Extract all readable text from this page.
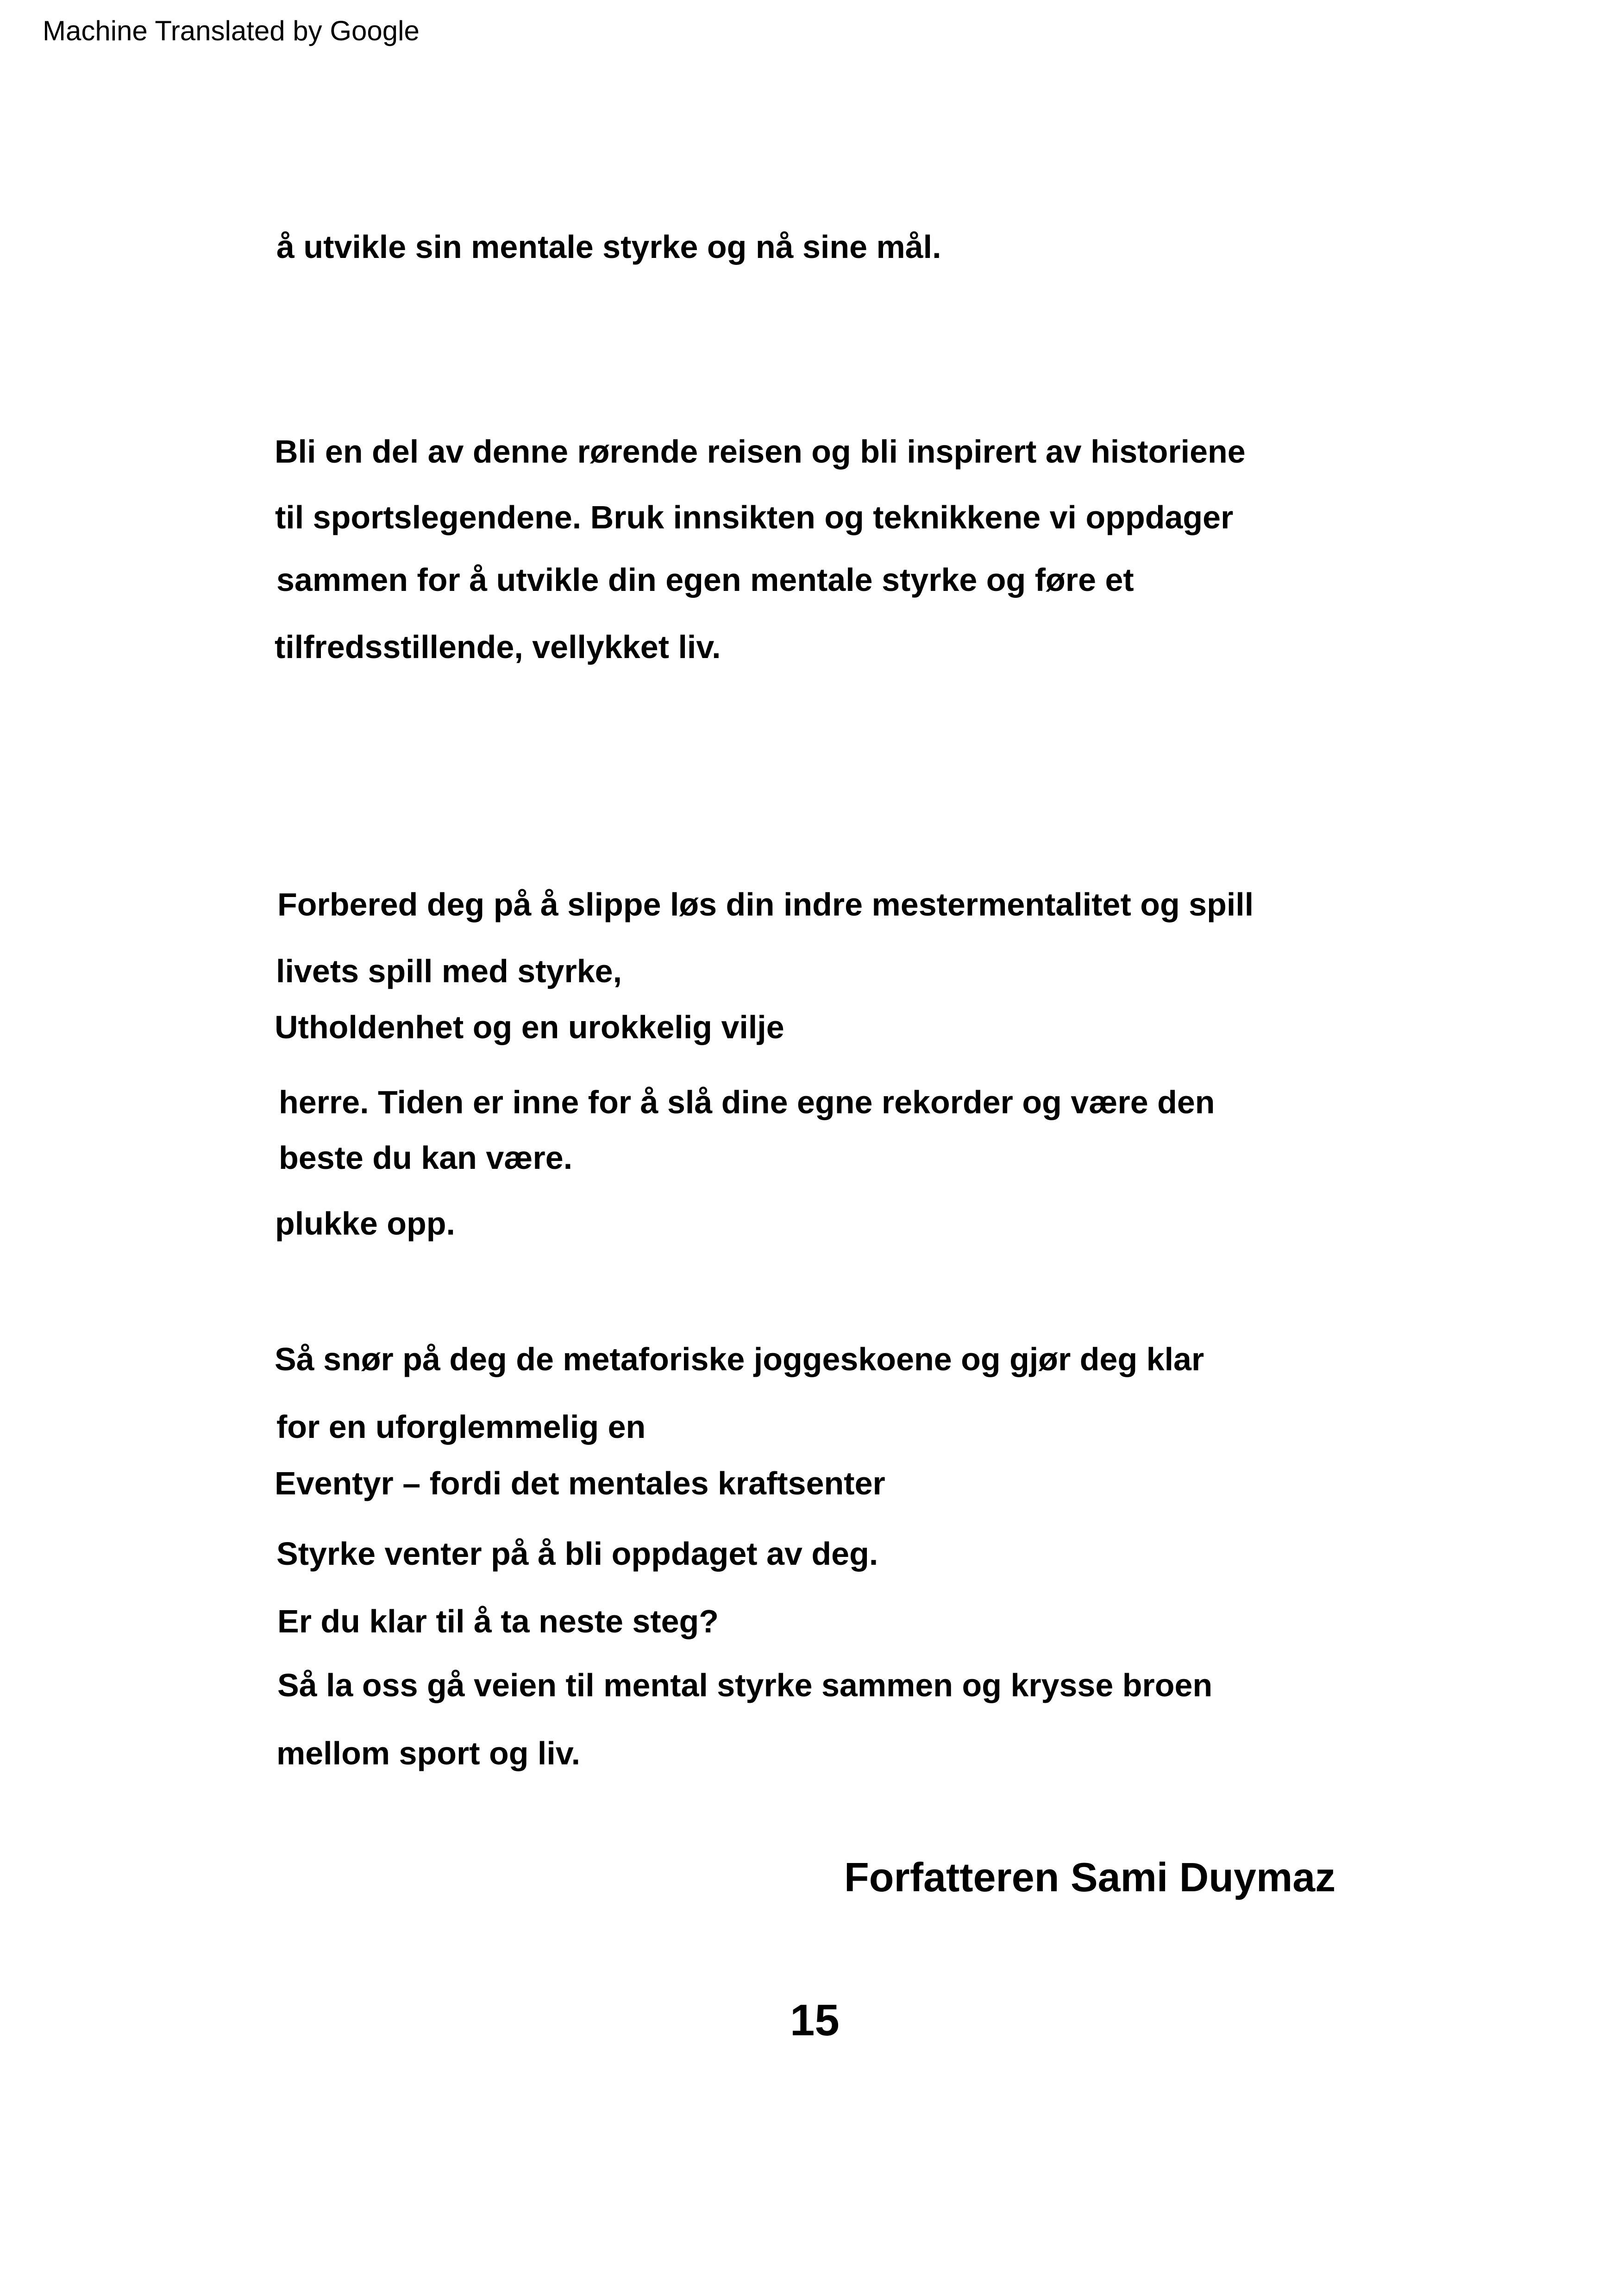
Machine Translated by Google
å utvikle sin mentale styrke og nå sine mål.
Bli en del av denne rørende reisen og bli inspirert av historiene
til sportslegendene. Bruk innsikten og teknikkene vi oppdager
sammen for å utvikle din egen mentale styrke og føre et
tilfredsstillende, vellykket liv.
Forbered deg på å slippe løs din indre mestermentalitet og spill
livets spill med styrke,
Utholdenhet og en urokkelig vilje
herre. Tiden er inne for å slå dine egne rekorder og være den
beste du kan være.
plukke opp.
Så snør på deg de metaforiske joggeskoene og gjør deg klar
for en uforglemmelig en
Eventyr – fordi det mentales kraftsenter
Styrke venter på å bli oppdaget av deg.
Er du klar til å ta neste steg?
Så la oss gå veien til mental styrke sammen og krysse broen
mellom sport og liv.
Forfatteren Sami Duymaz
15
